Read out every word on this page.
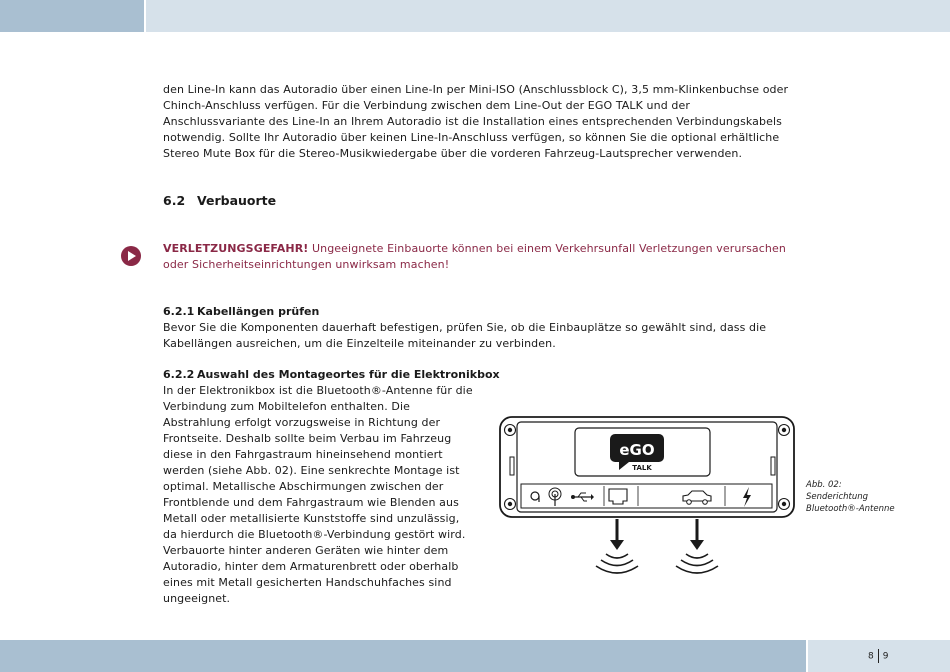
den Line-In kann das Autoradio über einen Line-In per Mini-ISO (Anschlussblock C), 3,5 mm-Klinkenbuchse oder Chinch-Anschluss verfügen. Für die Verbindung zwischen dem Line-Out der EGO TALK und der Anschlussvariante des Line-In an Ihrem Autoradio ist die Installation eines entsprechenden Verbindungskabels notwendig. Sollte Ihr Autoradio über keinen Line-In-Anschluss verfügen, so können Sie die optional erhältliche Stereo Mute Box für die Stereo-Musikwiedergabe über die vorderen Fahrzeug-Lautsprecher verwenden.
6.2 Verbauorte
VERLETZUNGSGEFAHR! Ungeeignete Einbauorte können bei einem Verkehrsunfall Verletzungen verursachen oder Sicherheitseinrichtungen unwirksam machen!
6.2.1 Kabellängen prüfen
Bevor Sie die Komponenten dauerhaft befestigen, prüfen Sie, ob die Einbauplätze so gewählt sind, dass die Kabellängen ausreichen, um die Einzelteile miteinander zu verbinden.
6.2.2 Auswahl des Montageortes für die Elektronikbox
In der Elektronikbox ist die Bluetooth®-Antenne für die Verbindung zum Mobiltelefon enthalten. Die Abstrahlung erfolgt vorzugsweise in Richtung der Frontseite. Deshalb sollte beim Verbau im Fahrzeug diese in den Fahrgastraum hineinsehend montiert werden (siehe Abb. 02). Eine senkrechte Montage ist optimal. Metallische Abschirmungen zwischen der Frontblende und dem Fahrgastraum wie Blenden aus Metall oder metallisierte Kunststoffe sind unzulässig, da hierdurch die Bluetooth®-Verbindung gestört wird. Verbauorte hinter anderen Geräten wie hinter dem Autoradio, hinter dem Armaturenbrett oder oberhalb eines mit Metall gesicherten Handschuhfaches sind ungeeignet.
eGO
TALK
Abb. 02:
Senderichtung
Bluetooth®-Antenne
8 9
